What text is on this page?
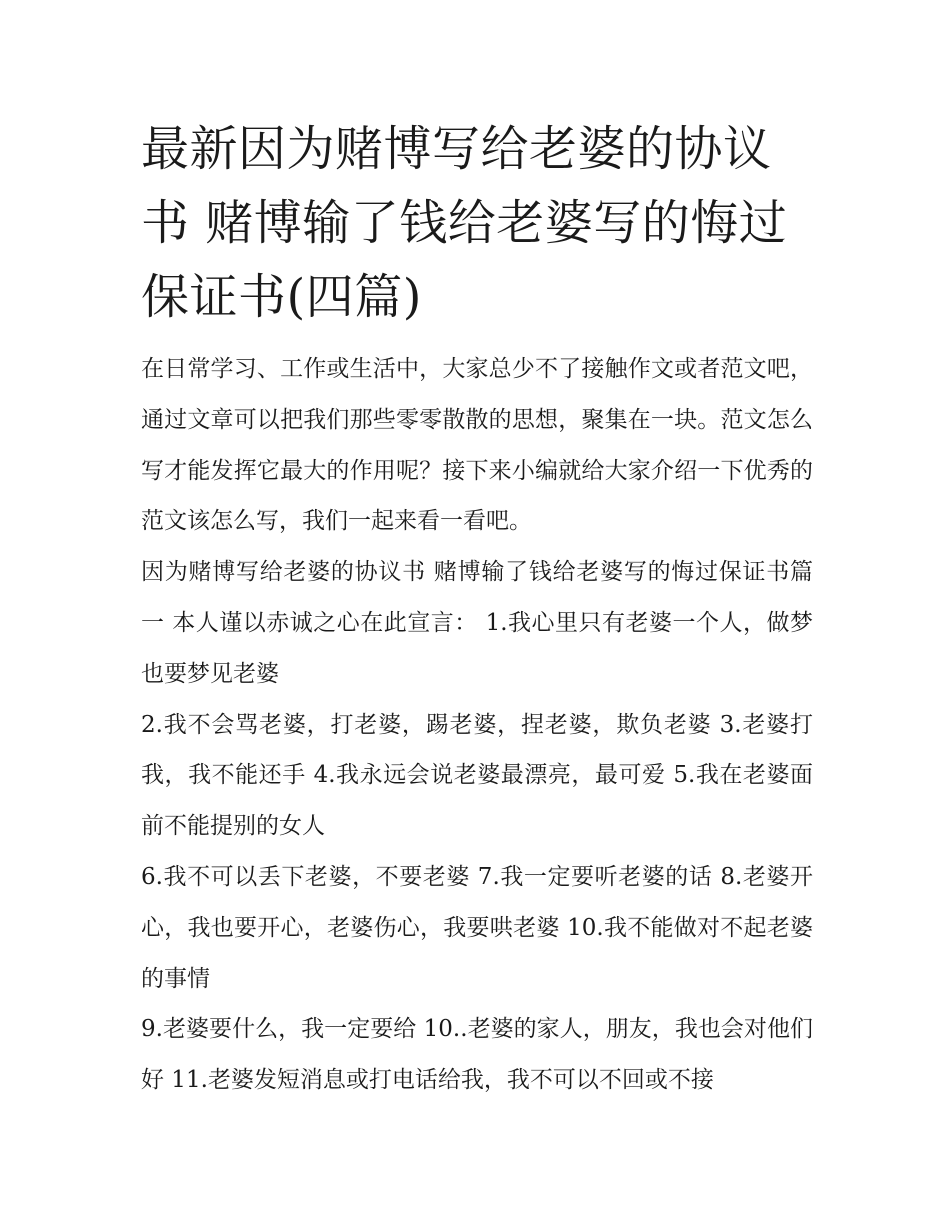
最新因为赌博写给老婆的协议书 赌博输了钱给老婆写的悔过保证书(四篇)

在日常学习、工作或生活中，大家总少不了接触作文或者范文吧，通过文章可以把我们那些零零散散的思想，聚集在一块。范文怎么写才能发挥它最大的作用呢？接下来小编就给大家介绍一下优秀的范文该怎么写，我们一起来看一看吧。

因为赌博写给老婆的协议书 赌博输了钱给老婆写的悔过保证书篇一 本人谨以赤诚之心在此宣言： 1.我心里只有老婆一个人，做梦也要梦见老婆

2.我不会骂老婆，打老婆，踢老婆，捏老婆，欺负老婆 3.老婆打我，我不能还手 4.我永远会说老婆最漂亮，最可爱 5.我在老婆面前不能提别的女人

6.我不可以丢下老婆，不要老婆 7.我一定要听老婆的话 8.老婆开心，我也要开心，老婆伤心，我要哄老婆 10.我不能做对不起老婆的事情

9.老婆要什么，我一定要给 10..老婆的家人，朋友，我也会对他们好 11.老婆发短消息或打电话给我，我不可以不回或不接
